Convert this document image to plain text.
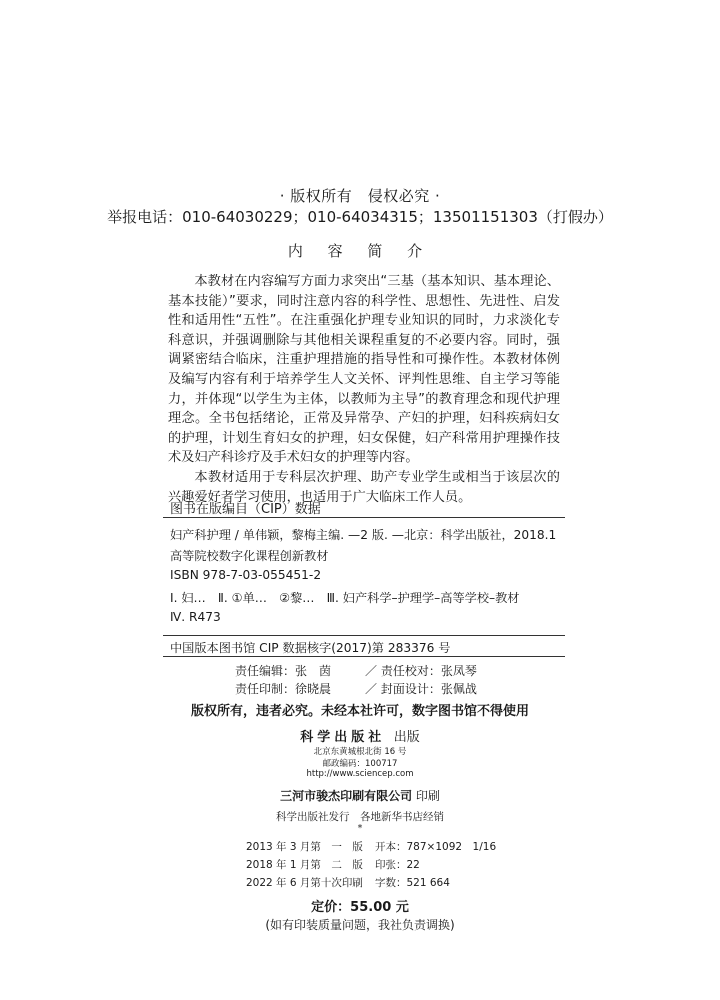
· 版权所有　侵权必究 ·
举报电话：010-64030229；010-64034315；13501151303（打假办）
内 容 简 介

本教材在内容编写方面力求突出“三基（基本知识、基本理论、基本技能）”要求，同时注意内容的科学性、思想性、先进性、启发性和适用性“五性”。在注重强化护理专业知识的同时，力求淡化专科意识，并强调删除与其他相关课程重复的不必要内容。同时，强调紧密结合临床，注重护理措施的指导性和可操作性。本教材体例及编写内容有利于培养学生人文关怀、评判性思维、自主学习等能力，并体现“以学生为主体，以教师为主导”的教育理念和现代护理理念。全书包括绪论，正常及异常孕、产妇的护理，妇科疾病妇女的护理，计划生育妇女的护理，妇女保健，妇产科常用护理操作技术及妇产科诊疗及手术妇女的护理等内容。

本教材适用于专科层次护理、助产专业学生或相当于该层次的兴趣爱好者学习使用，也适用于广大临床工作人员。

图书在版编目（CIP）数据
妇产科护理 / 单伟颖，黎梅主编. —2 版. —北京：科学出版社，2018.1
高等院校数字化课程创新教材
ISBN 978-7-03-055451-2
Ⅰ. 妇…　Ⅱ. ①单…　②黎…　Ⅲ. 妇产科学–护理学–高等学校–教材
Ⅳ. R473
中国版本图书馆 CIP 数据核字(2017)第 283376 号
责任编辑：张　茵	／ 责任校对：张凤琴
责任印制：徐晓晨	／ 封面设计：张佩战
版权所有，违者必究。未经本社许可，数字图书馆不得使用
科学出版社 出版
北京东黄城根北街 16 号
邮政编码：100717
http://www.sciencep.com
三河市骏杰印刷有限公司 印刷
科学出版社发行　各地新华书店经销
*
2013 年 3 月第　一　版 开本：787×1092　1/16
2018 年 1 月第　二　版 印张：22
2022 年 6 月第十次印刷 字数：521 664
定价：55.00 元
(如有印装质量问题，我社负责调换)
